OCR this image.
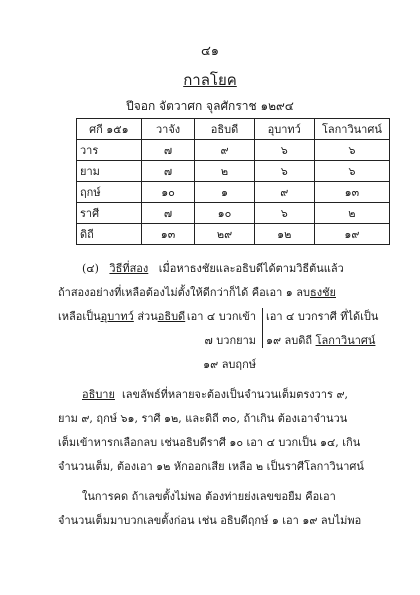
๔๑
กาลโยค
ปีจอก จัตวาศก จุลศักราช ๑๒๙๔
ศกี ๑๕๑	วาจัง	อธิบดี	อุบาทว์	โลกาวินาศน์
วาร	๗	๙	๖	๖
ยาม	๗	๒	๖	๖
ฤกษ์	๑๐	๑	๙	๑๓
ราศี	๗	๑๐	๖	๒
ดิถี	๑๓	๒๙	๑๒	๑๙
(๔) วิธีที่สอง เมื่อหาธงชัยและอธิบดีได้ตามวิธีต้นแล้ว
ถ้าสองอย่างที่เหลือต้องไม่ตั้งให้ดีกว่าก็ได้ คือเอา ๑ ลบธงชัย
เหลือเป็นอุบาทว์ ส่วนอธิบดี เอา ๔ บวกเข้า
๗ บวกยาม
๑๙ ลบฤกษ์
เอา ๔ บวกราศี ที่ได้เป็น
๑๙ ลบดิถี โลกาวินาศน์
อธิบาย เลขลัพธ์ที่หลายจะต้องเป็นจำนวนเต็มตรงวาร ๙,
ยาม ๙, ฤกษ์ ๖๑, ราศี ๑๒, และดิถี ๓๐, ถ้าเกิน ต้องเอาจำนวน
เต็มเข้าหารกเลือกลบ เช่นอธิบดีราศี ๑๐ เอา ๔ บวกเป็น ๑๔, เกิน
จำนวนเต็ม, ต้องเอา ๑๒ หักออกเสีย เหลือ ๒ เป็นราศีโลกาวินาศน์
ในการคด ถ้าเลขตั้งไม่พอ ต้องท่ายย่งเลขขอยืม คือเอา
จำนวนเต็มมาบวกเลขตั้งก่อน เช่น อธิบดีฤกษ์ ๑ เอา ๑๙ ลบไม่พอ
